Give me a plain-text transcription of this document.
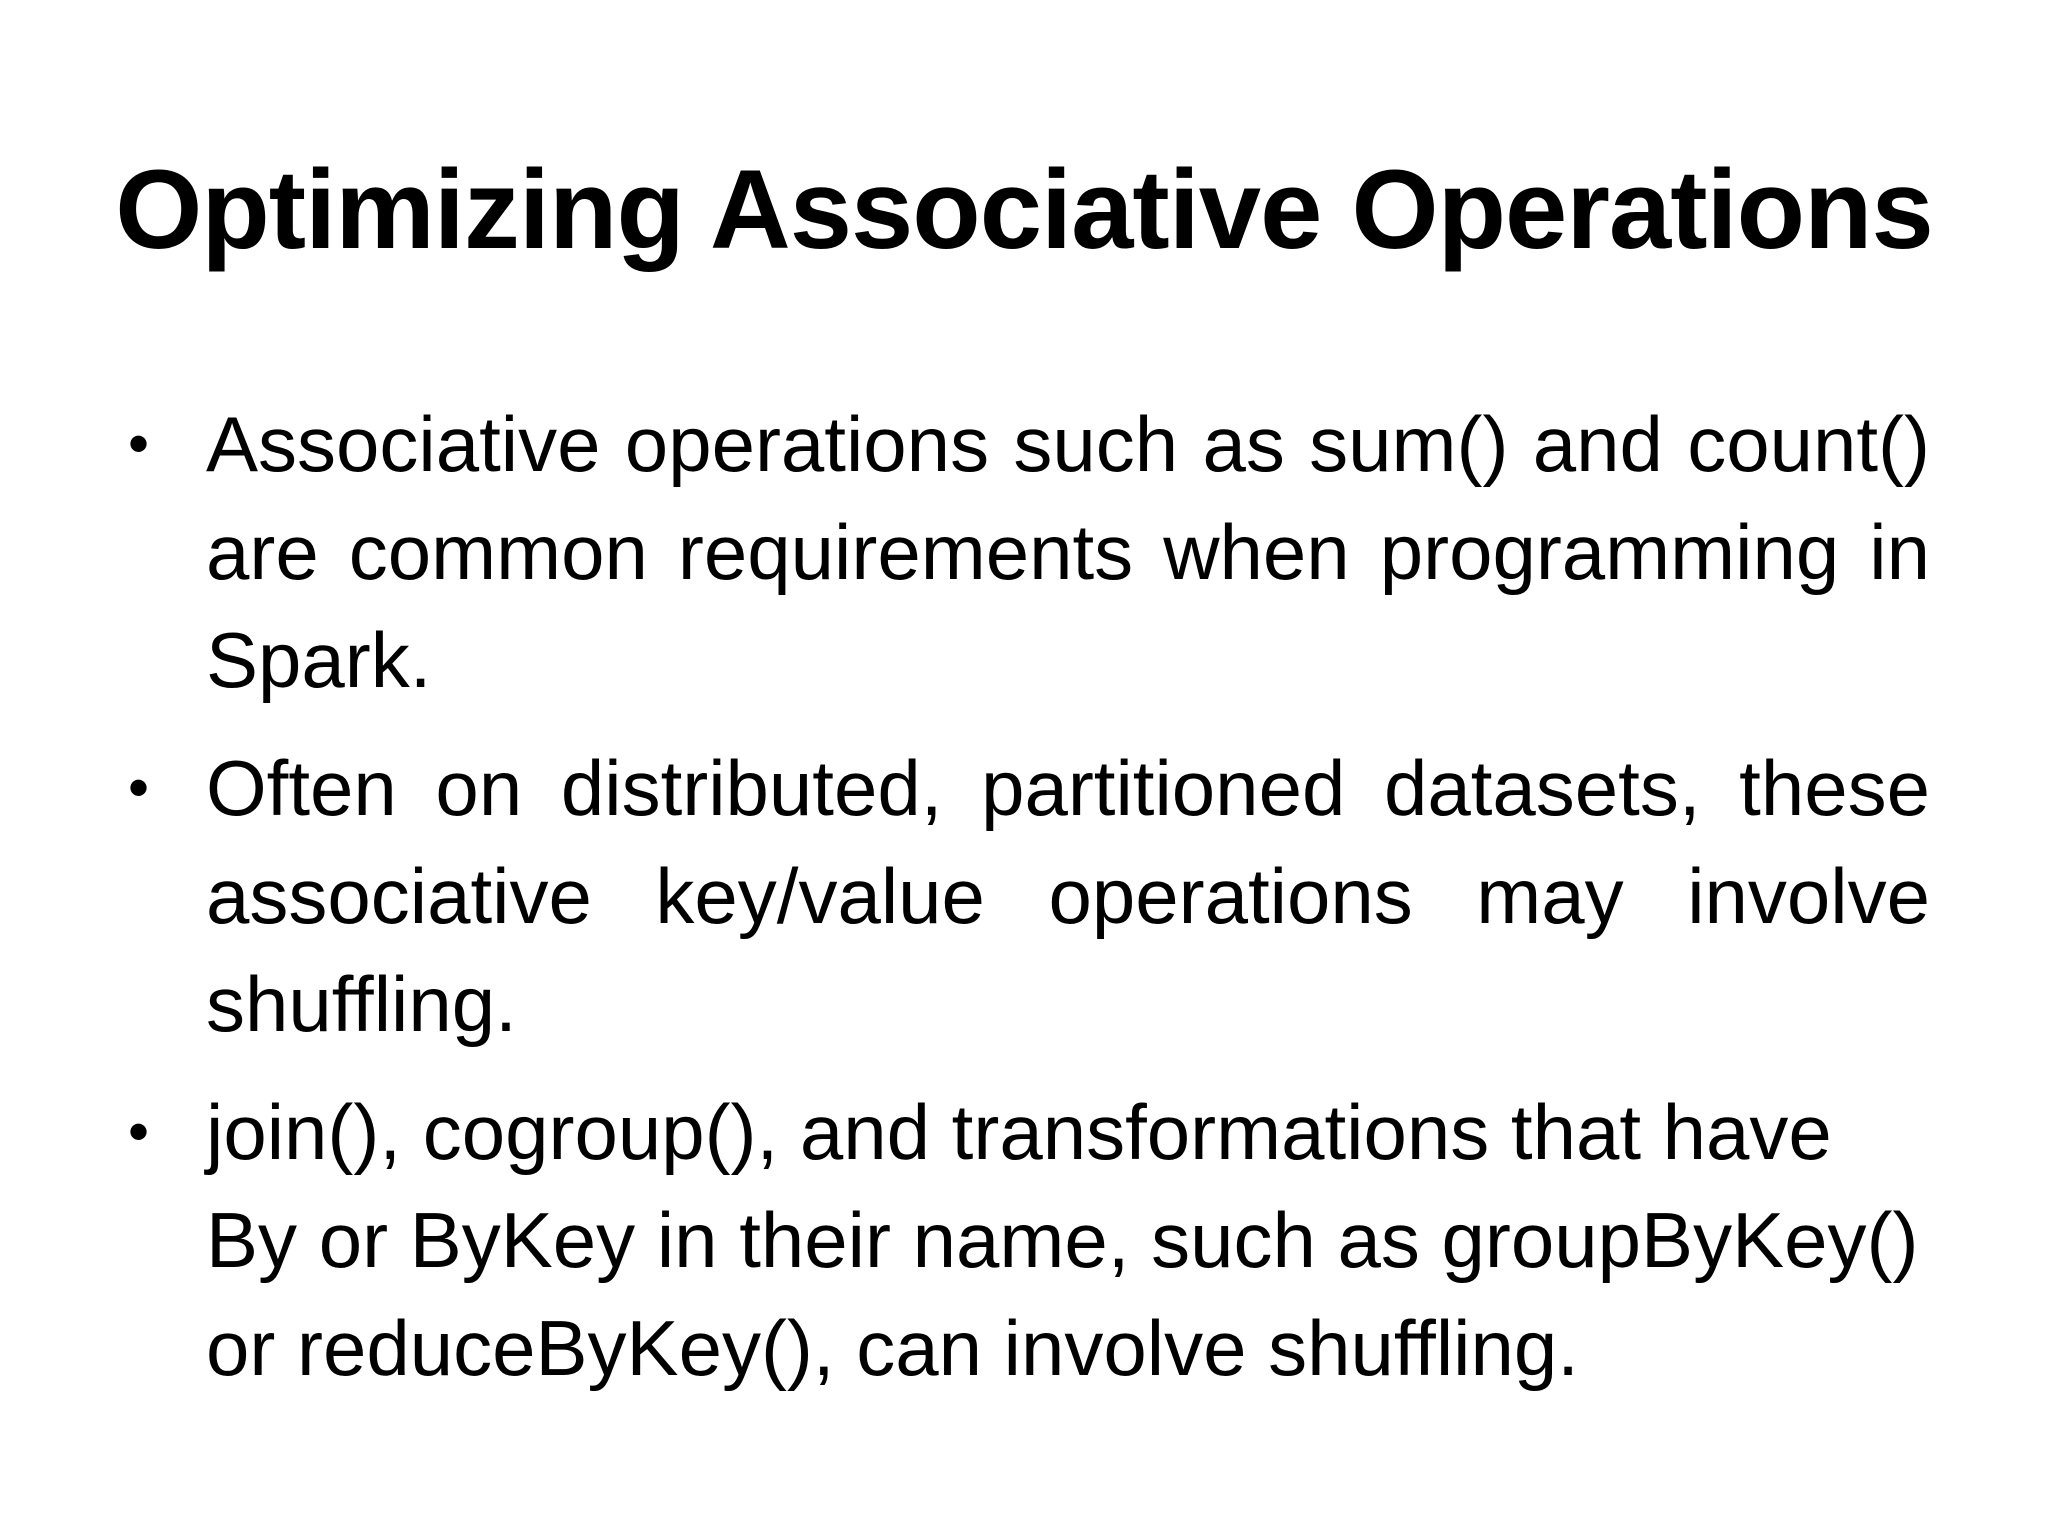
Optimizing Associative Operations
• Associative operations such as sum() and count() are common requirements when programming in Spark.
• Often on distributed, partitioned datasets, these associative key/value operations may involve shuffling.
• join(), cogroup(), and transformations that have By or ByKey in their name, such as groupByKey() or reduceByKey(), can involve shuffling.
